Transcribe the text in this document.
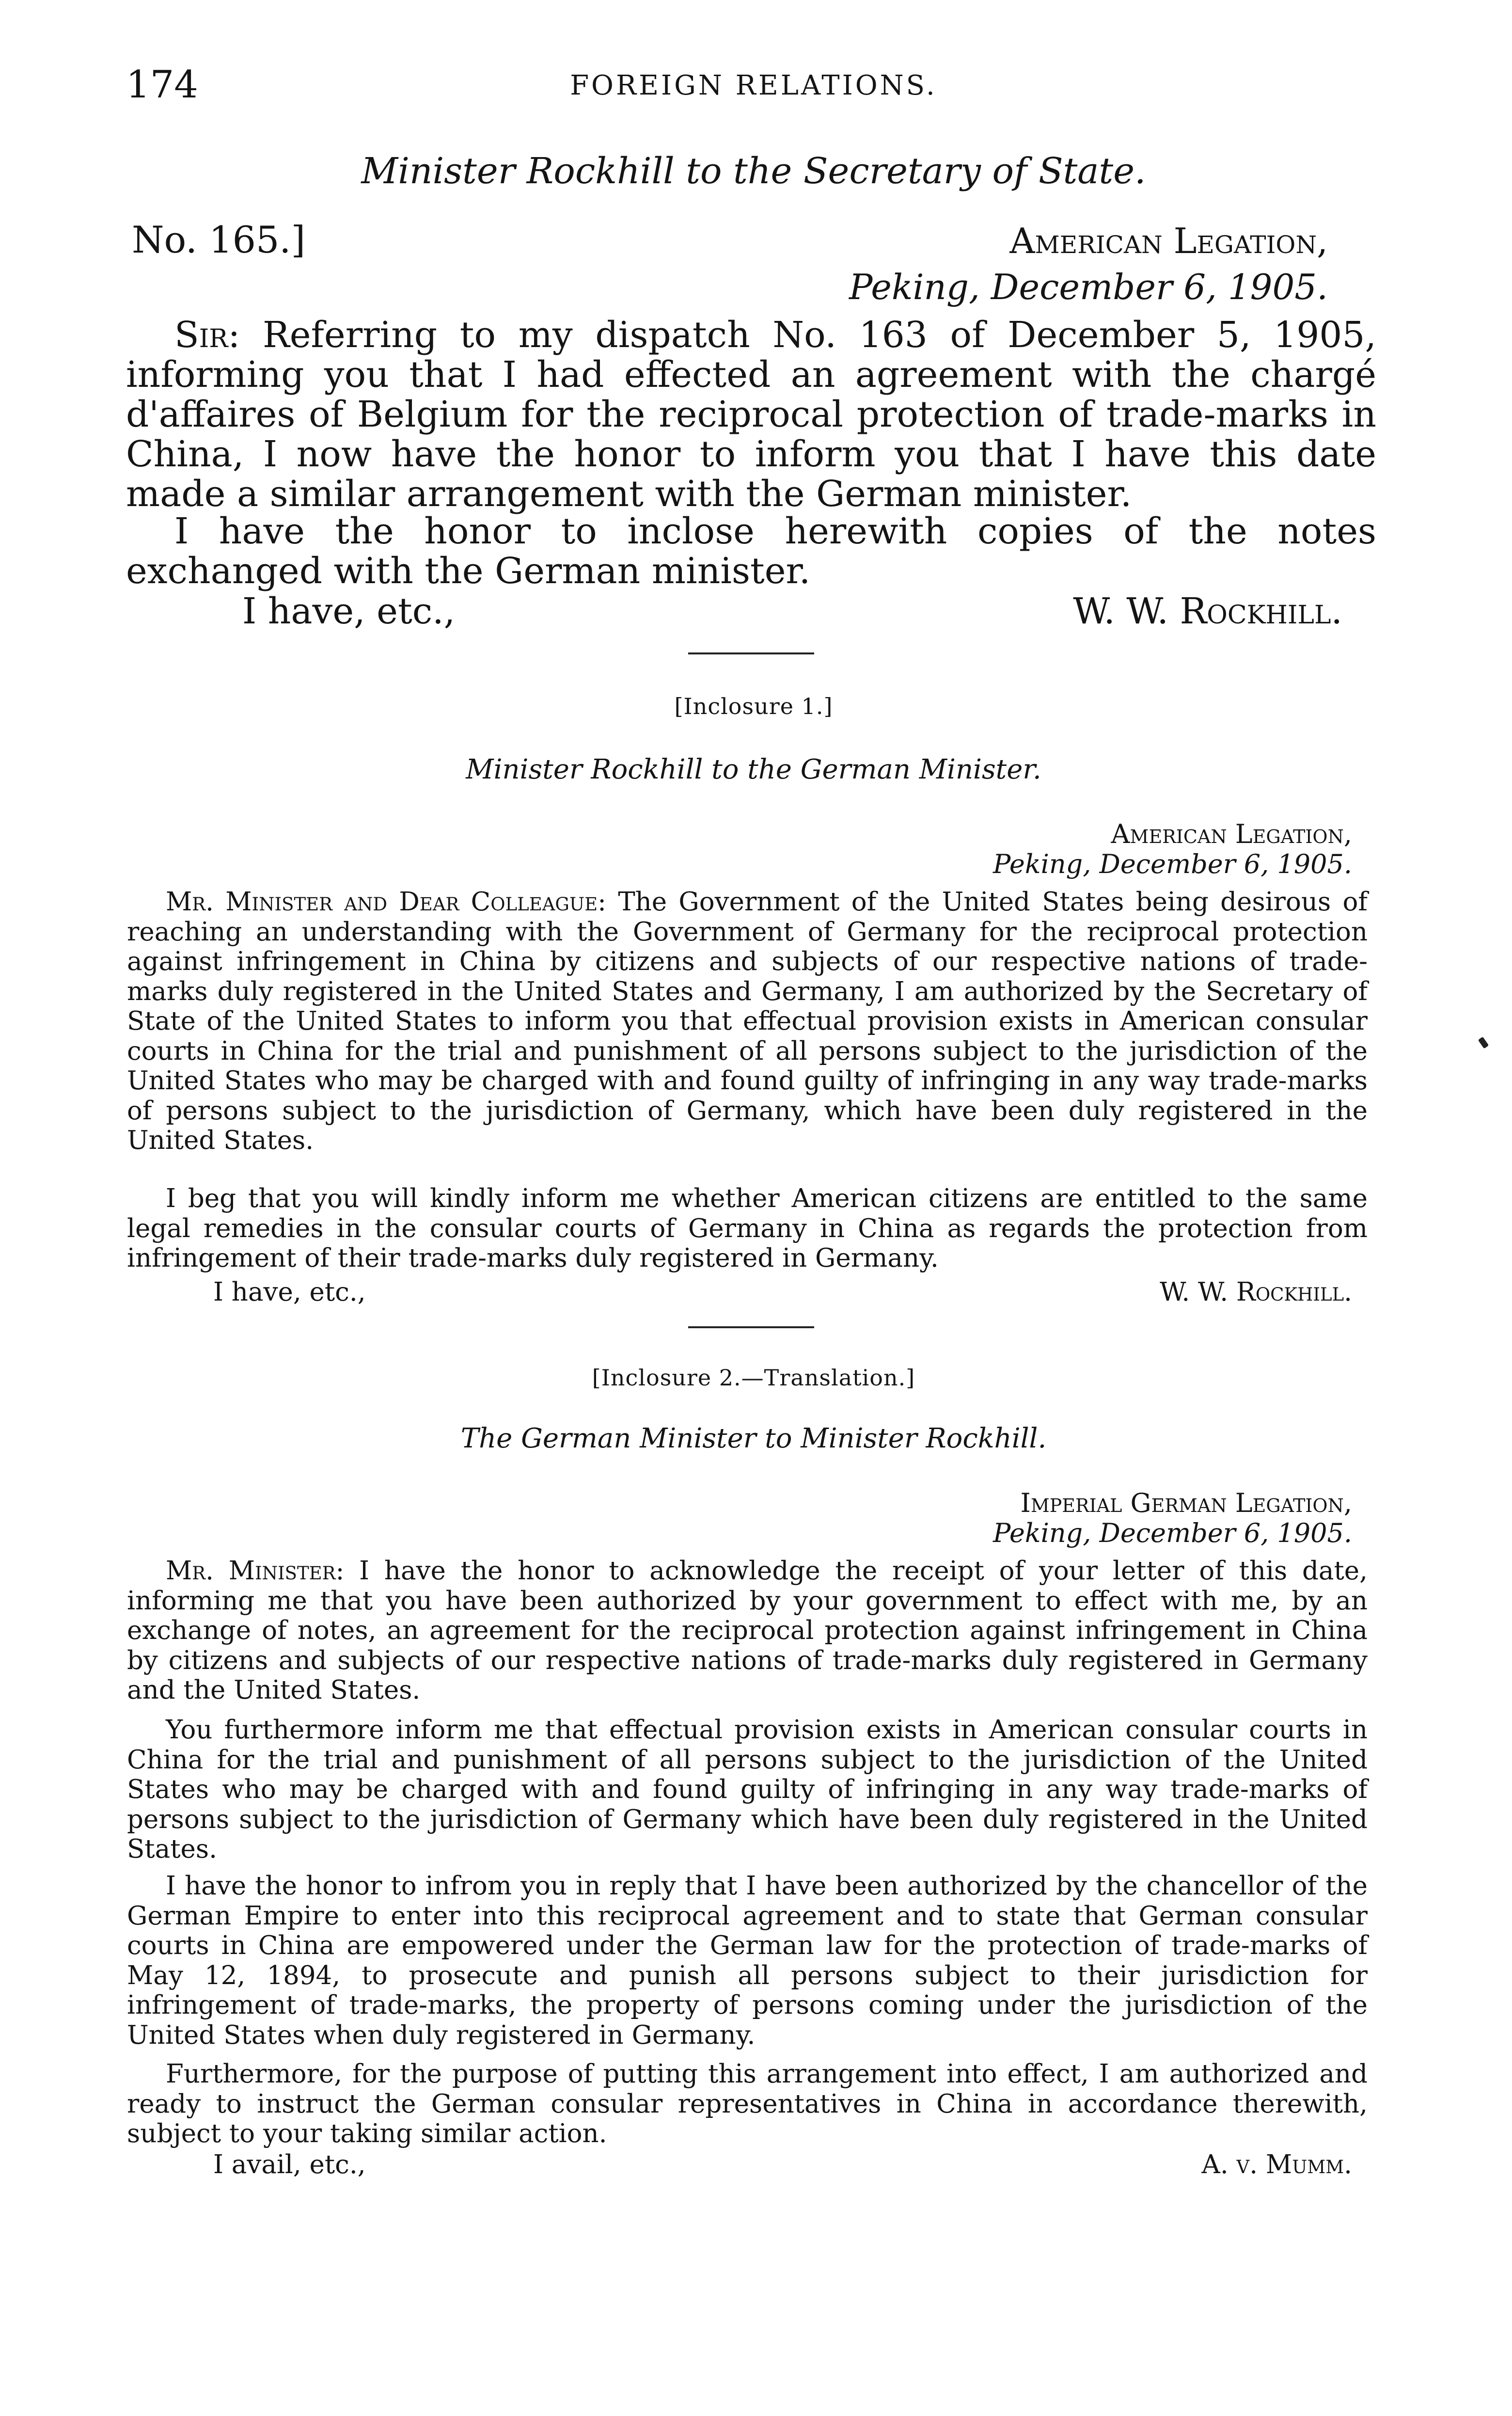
174	FOREIGN RELATIONS.
Minister Rockhill to the Secretary of State.
No. 165.]	American Legation,
Peking, December 6, 1905.
Sir: Referring to my dispatch No. 163 of December 5, 1905, informing you that I had effected an agreement with the chargé d'affaires of Belgium for the reciprocal protection of trade-marks in China, I now have the honor to inform you that I have this date made a similar arrangement with the German minister.
I have the honor to inclose herewith copies of the notes exchanged with the German minister.
I have, etc.,	W. W. Rockhill.
[Inclosure 1.]
Minister Rockhill to the German Minister.
American Legation,
Peking, December 6, 1905.
Mr. Minister and Dear Colleague: The Government of the United States being desirous of reaching an understanding with the Government of Germany for the reciprocal protection against infringement in China by citizens and subjects of our respective nations of trade-marks duly registered in the United States and Germany, I am authorized by the Secretary of State of the United States to inform you that effectual provision exists in American consular courts in China for the trial and punishment of all persons subject to the jurisdiction of the United States who may be charged with and found guilty of infringing in any way trade-marks of persons subject to the jurisdiction of Germany, which have been duly registered in the United States.
I beg that you will kindly inform me whether American citizens are entitled to the same legal remedies in the consular courts of Germany in China as regards the protection from infringement of their trade-marks duly registered in Germany.
I have, etc.,	W. W. Rockhill.
[Inclosure 2.—Translation.]
The German Minister to Minister Rockhill.
Imperial German Legation,
Peking, December 6, 1905.
Mr. Minister: I have the honor to acknowledge the receipt of your letter of this date, informing me that you have been authorized by your government to effect with me, by an exchange of notes, an agreement for the reciprocal protection against infringement in China by citizens and subjects of our respective nations of trade-marks duly registered in Germany and the United States.
You furthermore inform me that effectual provision exists in American consular courts in China for the trial and punishment of all persons subject to the jurisdiction of the United States who may be charged with and found guilty of infringing in any way trade-marks of persons subject to the jurisdiction of Germany which have been duly registered in the United States.
I have the honor to infrom you in reply that I have been authorized by the chancellor of the German Empire to enter into this reciprocal agreement and to state that German consular courts in China are empowered under the German law for the protection of trade-marks of May 12, 1894, to prosecute and punish all persons subject to their jurisdiction for infringement of trade-marks, the property of persons coming under the jurisdiction of the United States when duly registered in Germany.
Furthermore, for the purpose of putting this arrangement into effect, I am authorized and ready to instruct the German consular representatives in China in accordance therewith, subject to your taking similar action.
I avail, etc.,	A. v. Mumm.
